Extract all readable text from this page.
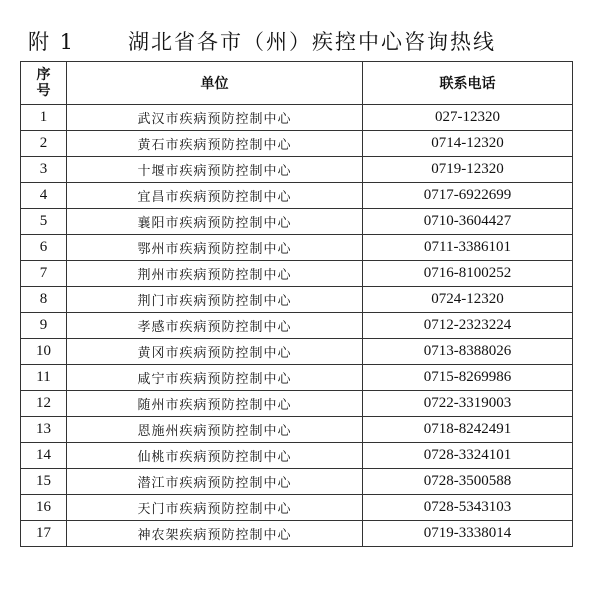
附 1	湖北省各市（州）疾控中心咨询热线
序
号	单位	联系电话
1	武汉市疾病预防控制中心	027-12320
2	黄石市疾病预防控制中心	0714-12320
3	十堰市疾病预防控制中心	0719-12320
4	宜昌市疾病预防控制中心	0717-6922699
5	襄阳市疾病预防控制中心	0710-3604427
6	鄂州市疾病预防控制中心	0711-3386101
7	荆州市疾病预防控制中心	0716-8100252
8	荆门市疾病预防控制中心	0724-12320
9	孝感市疾病预防控制中心	0712-2323224
10	黄冈市疾病预防控制中心	0713-8388026
11	咸宁市疾病预防控制中心	0715-8269986
12	随州市疾病预防控制中心	0722-3319003
13	恩施州疾病预防控制中心	0718-8242491
14	仙桃市疾病预防控制中心	0728-3324101
15	潜江市疾病预防控制中心	0728-3500588
16	天门市疾病预防控制中心	0728-5343103
17	神农架疾病预防控制中心	0719-3338014
